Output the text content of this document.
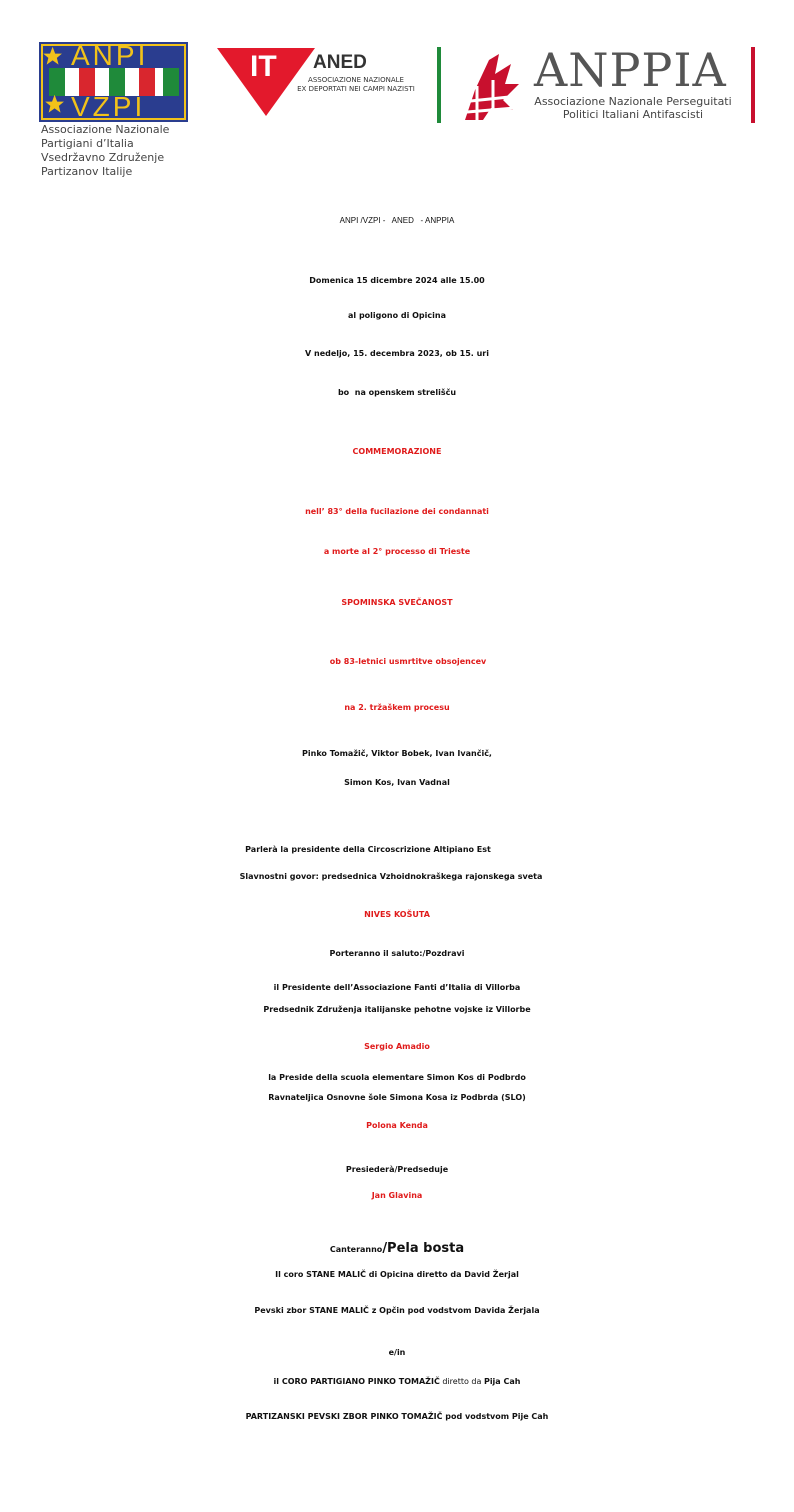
ANPI
VZPI
Associazione Nazionale
Partigiani d’Italia
Vsedržavno Združenje
Partizanov Italije
IT ANED
ASSOCIAZIONE NAZIONALE
EX DEPORTATI NEI CAMPI NAZISTI	ANPPIA
Associazione Nazionale Perseguitati
Politici Italiani Antifascisti
ANPI /VZPI -   ANED   - ANPPIA
Domenica 15 dicembre 2024 alle 15.00
al poligono di Opicina
V nedeljo, 15. decembra 2023, ob 15. uri
bo  na openskem strelišču
COMMEMORAZIONE
nell’ 83° della fucilazione dei condannati
a morte al 2° processo di Trieste
SPOMINSKA SVEČANOST
ob 83-letnici usmrtitve obsojencev
na 2. tržaškem procesu
Pinko Tomažič, Viktor Bobek, Ivan Ivančič,
Simon Kos, Ivan Vadnal
Parlerà la presidente della Circoscrizione Altipiano Est
Slavnostni govor: predsednica Vzhoidnokraškega rajonskega sveta
NIVES KOŠUTA
Porteranno il saluto:/Pozdravi
il Presidente dell’Associazione Fanti d’Italia di Villorba
Predsednik Združenja italijanske pehotne vojske iz Villorbe
Sergio Amadio
la Preside della scuola elementare Simon Kos di Podbrdo
Ravnateljica Osnovne šole Simona Kosa iz Podbrda (SLO)
Polona Kenda
Presiederà/Predseduje
Jan Glavina
Canteranno/Pela bosta
Il coro STANE MALIČ di Opicina diretto da David Žerjal
Pevski zbor STANE MALIČ z Opčin pod vodstvom Davida Žerjala
e/in
il CORO PARTIGIANO PINKO TOMAŽIČ diretto da Pija Cah
PARTIZANSKI PEVSKI ZBOR PINKO TOMAŽIČ pod vodstvom Pije Cah
